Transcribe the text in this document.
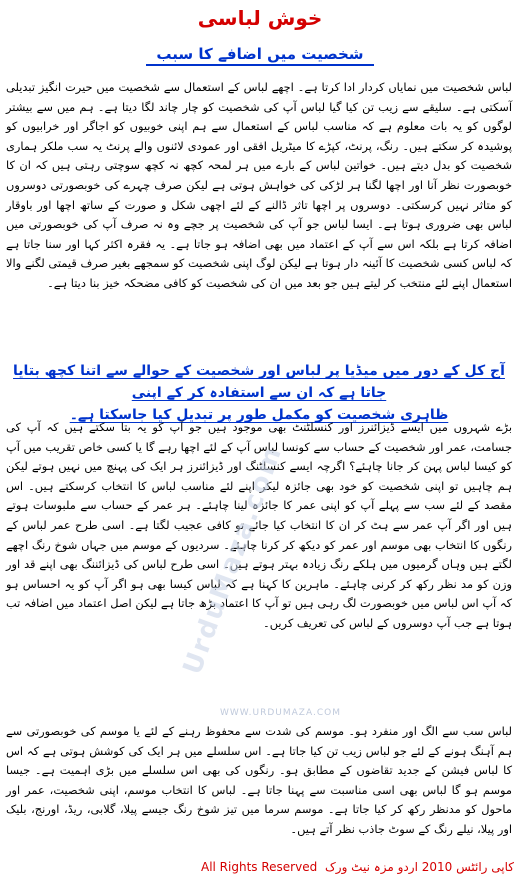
خوش لباسی
شخصیت میں اضافے کا سبب

لباس شخصیت میں نمایاں کردار ادا کرتا ہے۔ اچھے لباس کے استعمال سے شخصیت میں حیرت انگیز تبدیلی آسکتی ہے۔ سلیقے سے زیب تن کیا گیا لباس آپ کی شخصیت کو چار چاند لگا دیتا ہے۔ ہم میں سے بیشتر لوگوں کو یہ بات معلوم ہے کہ مناسب لباس کے استعمال سے ہم اپنی خوبیوں کو اجاگر اور خرابیوں کو پوشیدہ کر سکتے ہیں۔ رنگ، پرنٹ، کپڑے کا میٹریل افقی اور عمودی لائنوں والے پرنٹ یہ سب ملکر ہماری شخصیت کو بدل دیتے ہیں۔ خواتین لباس کے بارے میں ہر لمحہ کچھ نہ کچھ سوچتی رہتی ہیں کہ ان کا خوبصورت نظر آنا اور اچھا لگنا ہر لڑکی کی خواہش ہوتی ہے لیکن صرف چہرے کی خوبصورتی دوسروں کو متاثر نہیں کرسکتی۔ دوسروں پر اچھا تاثر ڈالنے کے لئے اچھی شکل و صورت کے ساتھ اچھا اور باوقار لباس بھی ضروری ہوتا ہے۔ ایسا لباس جو آپ کی شخصیت پر جچے وہ نہ صرف آپ کی خوبصورتی میں اضافہ کرتا ہے بلکہ اس سے آپ کے اعتماد میں بھی اضافہ ہو جاتا ہے۔ یہ فقرہ اکثر کہا اور سنا جاتا ہے کہ لباس کسی شخصیت کا آئینہ دار ہوتا ہے لیکن لوگ اپنی شخصیت کو سمجھے بغیر صرف قیمتی لگنے والا استعمال اپنے لئے منتخب کر لیتے ہیں جو بعد میں ان کی شخصیت کو کافی مضحکہ خیز بنا دیتا ہے۔

آج کل کے دور میں میڈیا پر لباس اور شخصیت کے حوالے سے اتنا کچھ بتایا جاتا ہے کہ ان سے استفادہ کر کے اپنی
ظاہری شخصیت کو مکمل طور پر تبدیل کیا جاسکتا ہے۔

بڑے شہروں میں ایسے ڈیزائنرز اور کنسلٹنٹ بھی موجود ہیں جو آپ کو یہ بتا سکتے ہیں کہ آپ کی جسامت، عمر اور شخصیت کے حساب سے کونسا لباس آپ کے لئے اچھا رہے گا یا کسی خاص تقریب میں آپ کو کیسا لباس پہن کر جانا چاہئے؟ اگرچہ ایسے کنسلٹنگ اور ڈیزائنرز ہر ایک کی پہنچ میں نہیں ہوتے لیکن ہم چاہیں تو اپنی شخصیت کو خود بھی جائزہ لیکر اپنے لئے مناسب لباس کا انتخاب کرسکتے ہیں۔ اس مقصد کے لئے سب سے پہلے آپ کو اپنی عمر کا جائزہ لینا چاہئے۔ ہر عمر کے حساب سے ملبوسات ہوتے ہیں اور اگر آپ عمر سے ہٹ کر ان کا انتخاب کیا جائے تو کافی عجیب لگتا ہے۔ اسی طرح عمر لباس کے رنگوں کا انتخاب بھی موسم اور عمر کو دیکھ کر کرنا چاہئے۔ سردیوں کے موسم میں جہاں شوخ رنگ اچھے لگتے ہیں وہاں گرمیوں میں ہلکے رنگ زیادہ بہتر ہوتے ہیں۔ اسی طرح لباس کی ڈیزائننگ بھی اپنے قد اور وزن کو مد نظر رکھ کر کرنی چاہئے۔ ماہرین کا کہنا ہے کہ لباس کیسا بھی ہو اگر آپ کو یہ احساس ہو کہ آپ اس لباس میں خوبصورت لگ رہی ہیں تو آپ کا اعتماد بڑھ جاتا ہے لیکن اصل اعتماد میں اضافہ تب ہوتا ہے جب آپ دوسروں کے لباس کی تعریف کریں۔

لباس سب سے الگ اور منفرد ہو۔ موسم کی شدت سے محفوظ رہنے کے لئے یا موسم کی خوبصورتی سے ہم آہنگ ہونے کے لئے جو لباس زیب تن کیا جاتا ہے۔ اس سلسلے میں ہر ایک کی کوشش ہوتی ہے کہ اس کا لباس فیشن کے جدید تقاضوں کے مطابق ہو۔ رنگوں کی بھی اس سلسلے میں بڑی اہمیت ہے۔ جیسا موسم ہو گا لباس بھی اسی مناسبت سے پہنا جاتا ہے۔ لباس کا انتخاب موسم، اپنی شخصیت، عمر اور ماحول کو مدنظر رکھ کر کیا جاتا ہے۔ موسم سرما میں تیز شوخ رنگ جیسے پیلا، گلابی، ریڈ، اورنج، بلیک اور پیلا، نیلے رنگ کے سوٹ جاذب نظر آتے ہیں۔

UrduMaza.com
WWW.URDUMAZA.COM
All Rights Reserved کاپی رائٹس 2010 اردو مزہ نیٹ ورک
